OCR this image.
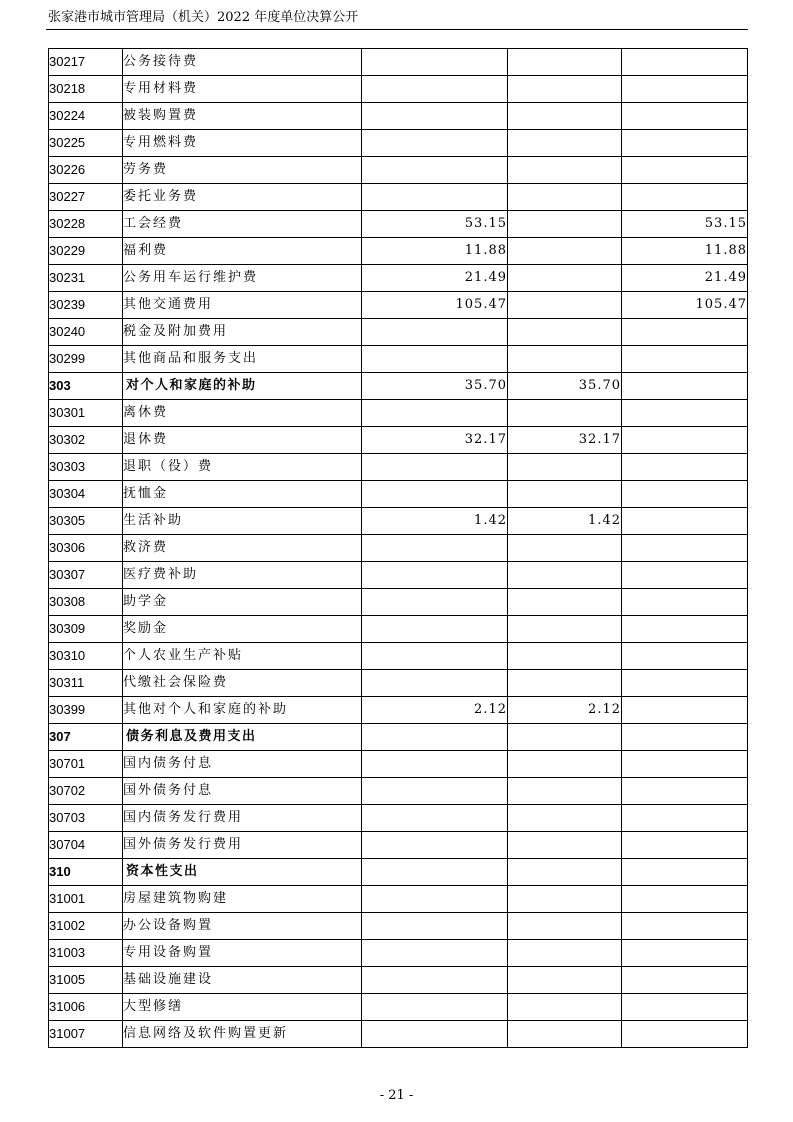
张家港市城市管理局（机关）2022 年度单位决算公开
30217	公务接待费			
30218	专用材料费			
30224	被装购置费			
30225	专用燃料费			
30226	劳务费			
30227	委托业务费			
30228	工会经费	53.15		53.15
30229	福利费	11.88		11.88
30231	公务用车运行维护费	21.49		21.49
30239	其他交通费用	105.47		105.47
30240	税金及附加费用			
30299	其他商品和服务支出			
303	对个人和家庭的补助	35.70	35.70	
30301	离休费			
30302	退休费	32.17	32.17	
30303	退职（役）费			
30304	抚恤金			
30305	生活补助	1.42	1.42	
30306	救济费			
30307	医疗费补助			
30308	助学金			
30309	奖励金			
30310	个人农业生产补贴			
30311	代缴社会保险费			
30399	其他对个人和家庭的补助	2.12	2.12	
307	债务利息及费用支出			
30701	国内债务付息			
30702	国外债务付息			
30703	国内债务发行费用			
30704	国外债务发行费用			
310	资本性支出			
31001	房屋建筑物购建			
31002	办公设备购置			
31003	专用设备购置			
31005	基础设施建设			
31006	大型修缮			
31007	信息网络及软件购置更新			
- 21 -
